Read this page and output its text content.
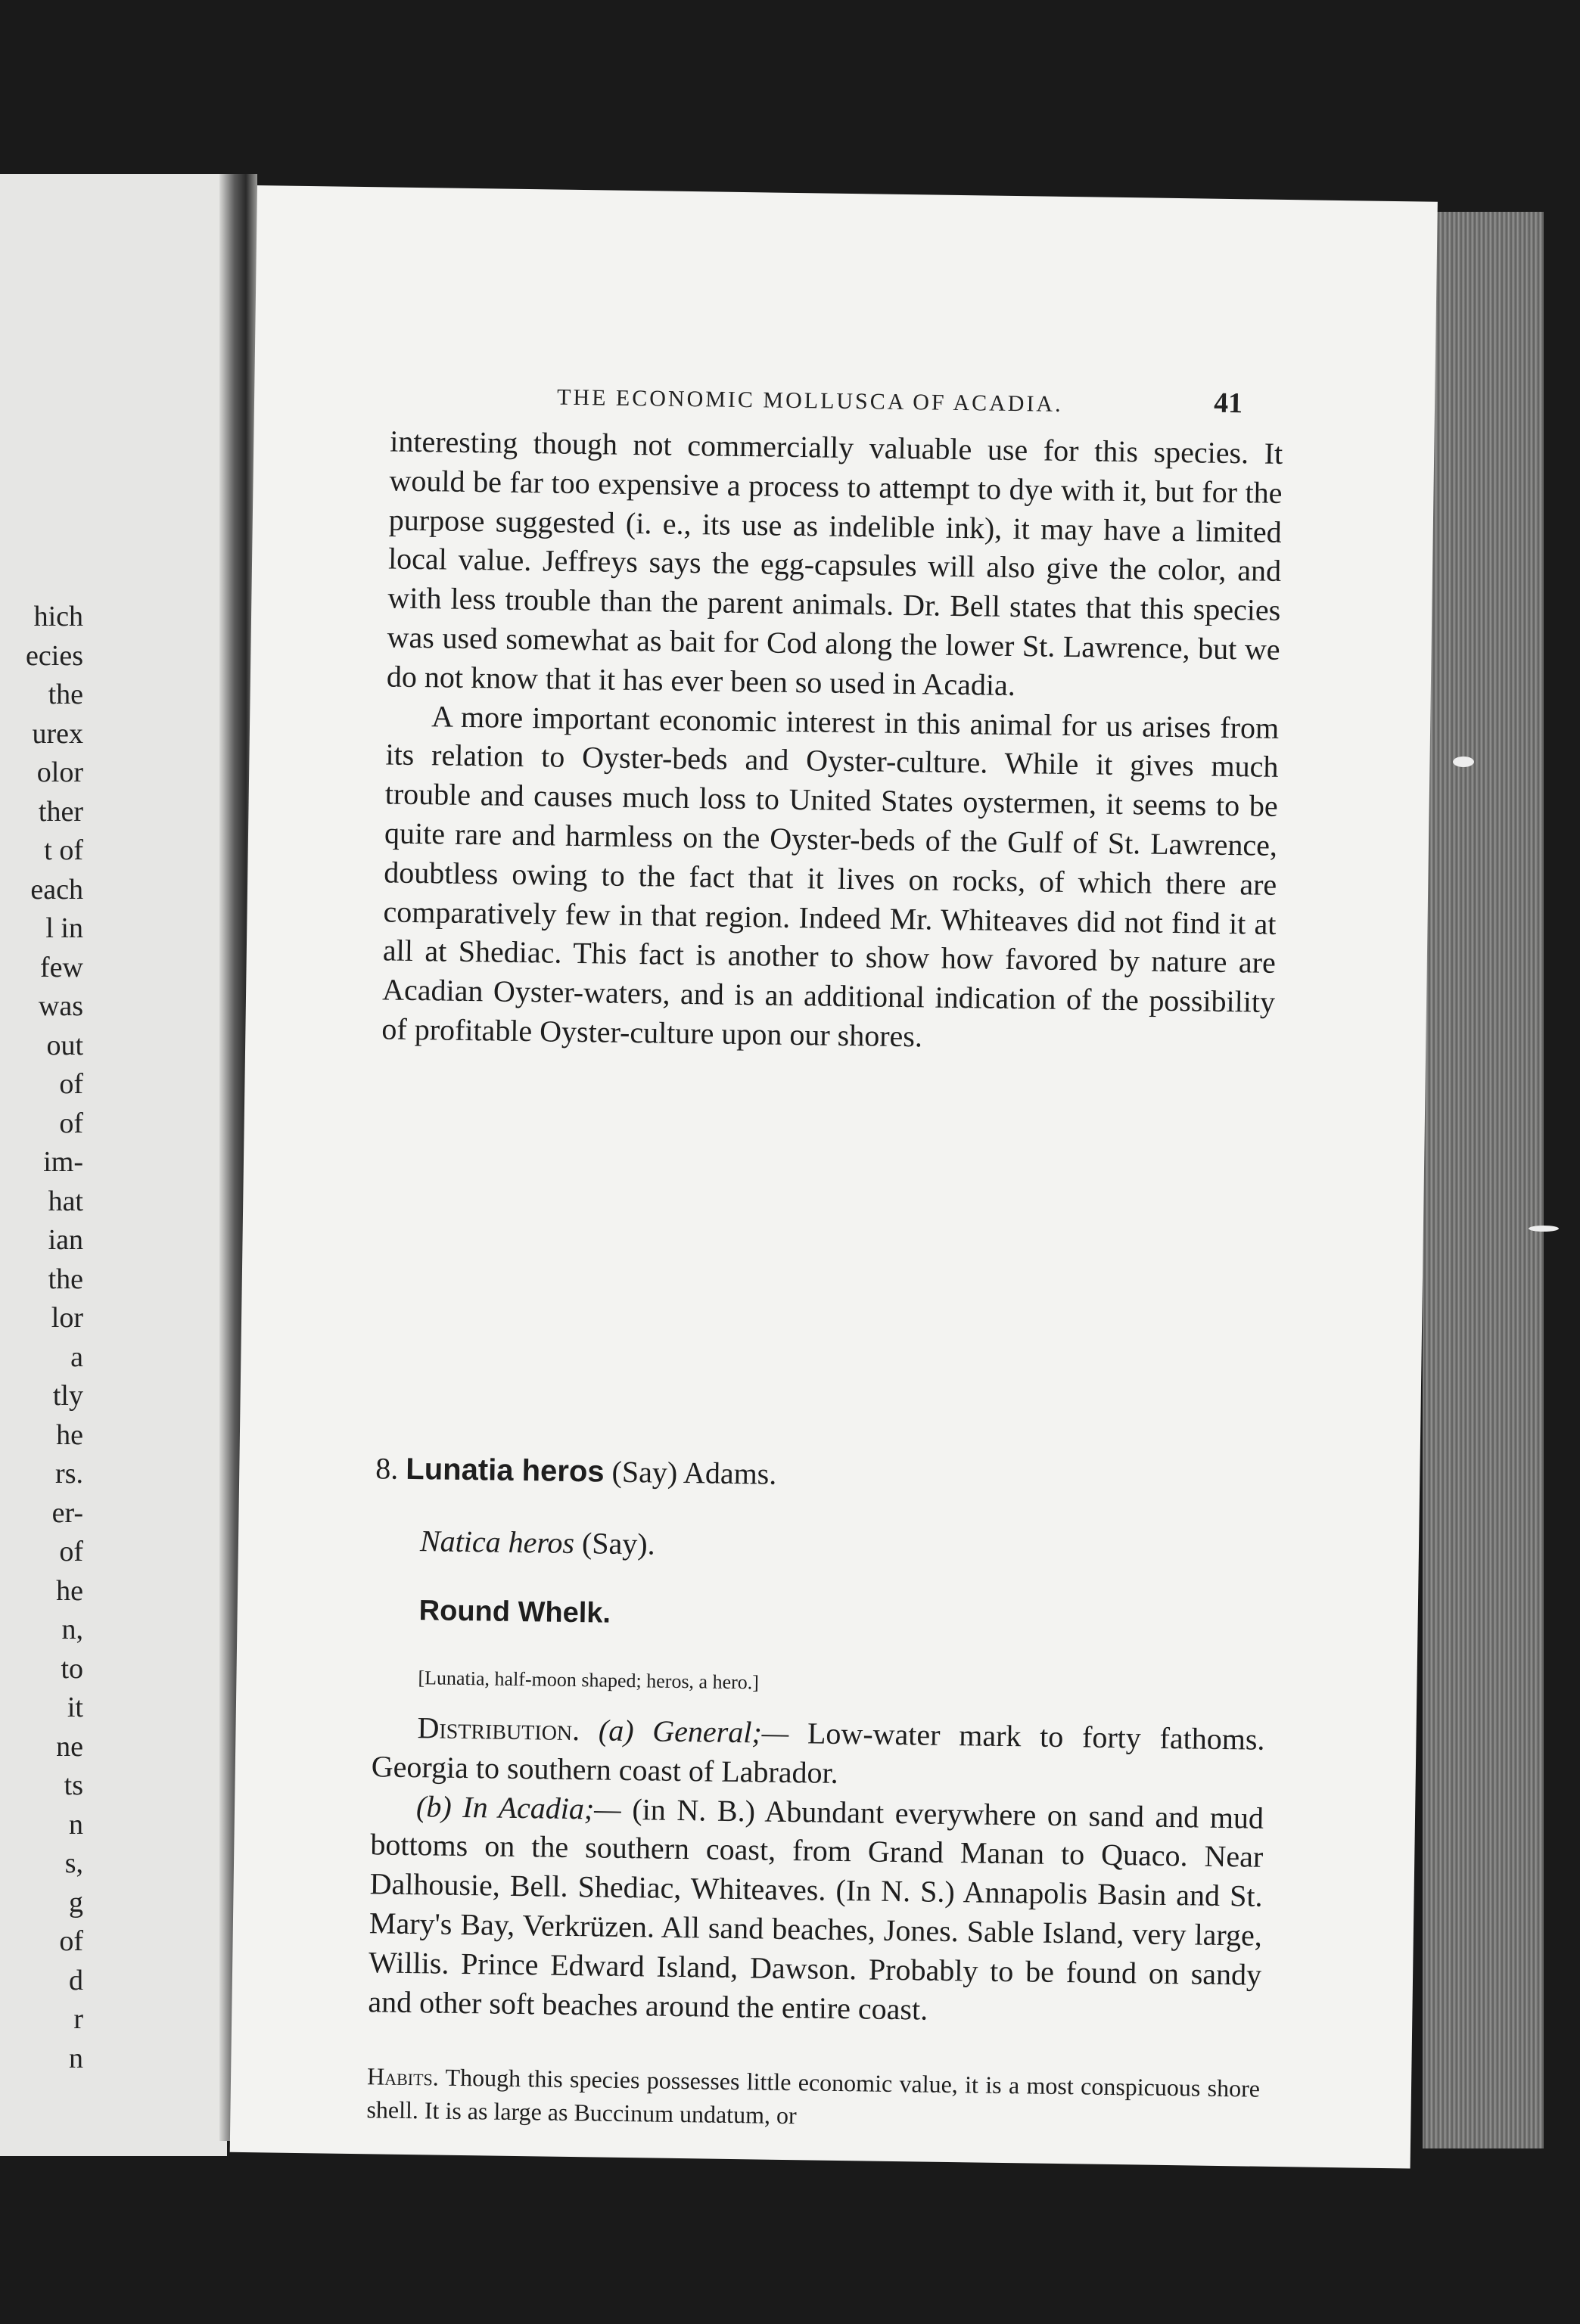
hich
ecies
the
urex
olor
ther
t of
each
l in
few
was
out
of
of
im-
hat
ian
the
lor
a
tly
he
rs.
er-
of
he
n,
to
it
ne
ts
n
s,
g
of
d
r
n
THE ECONOMIC MOLLUSCA OF ACADIA.	41

interesting though not commercially valuable use for this species. It would be far too expensive a process to attempt to dye with it, but for the purpose suggested (i. e., its use as indelible ink), it may have a limited local value. Jeffreys says the egg-capsules will also give the color, and with less trouble than the parent animals. Dr. Bell states that this species was used somewhat as bait for Cod along the lower St. Lawrence, but we do not know that it has ever been so used in Acadia.

A more important economic interest in this animal for us arises from its relation to Oyster-beds and Oyster-culture. While it gives much trouble and causes much loss to United States oystermen, it seems to be quite rare and harmless on the Oyster-beds of the Gulf of St. Lawrence, doubtless owing to the fact that it lives on rocks, of which there are comparatively few in that region. Indeed Mr. Whiteaves did not find it at all at Shediac. This fact is another to show how favored by nature are Acadian Oyster-waters, and is an additional indication of the possibility of profitable Oyster-culture upon our shores.

8. Lunatia heros (Say) Adams.
Natica heros (Say).
Round Whelk.
[Lunatia, half-moon shaped; heros, a hero.]

Distribution. (a) General;— Low-water mark to forty fathoms. Georgia to southern coast of Labrador.

(b) In Acadia;— (in N. B.) Abundant everywhere on sand and mud bottoms on the southern coast, from Grand Manan to Quaco. Near Dalhousie, Bell. Shediac, Whiteaves. (In N. S.) Annapolis Basin and St. Mary's Bay, Verkrüzen. All sand beaches, Jones. Sable Island, very large, Willis. Prince Edward Island, Dawson. Probably to be found on sandy and other soft beaches around the entire coast.

Habits. Though this species possesses little economic value, it is a most conspicuous shore shell. It is as large as Buccinum undatum, or
